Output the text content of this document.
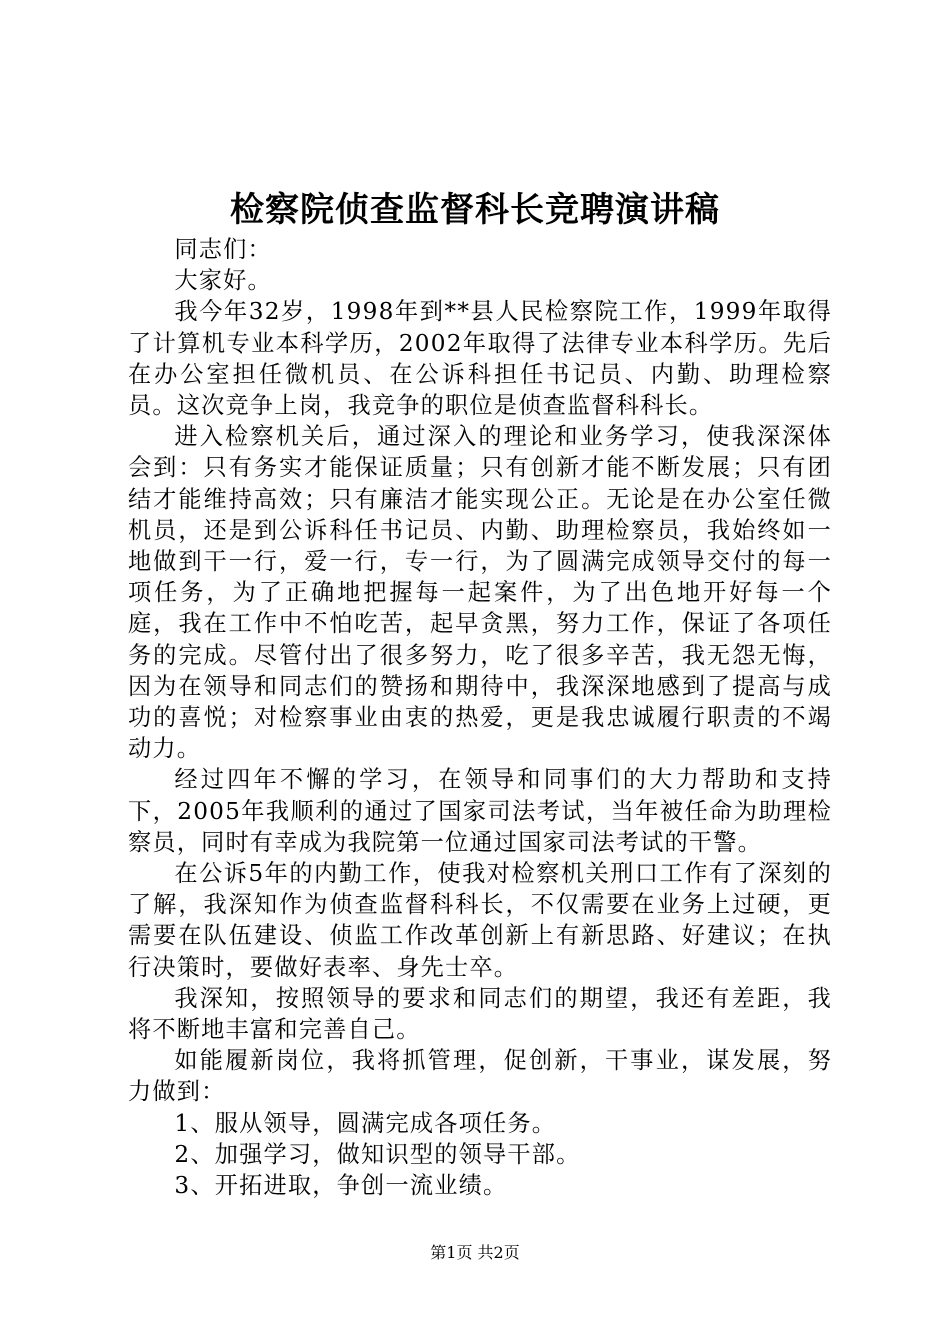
检察院侦查监督科长竞聘演讲稿

同志们：

大家好。

我今年32岁，1998年到**县人民检察院工作，1999年取得了计算机专业本科学历，2002年取得了法律专业本科学历。先后在办公室担任微机员、在公诉科担任书记员、内勤、助理检察员。这次竞争上岗，我竞争的职位是侦查监督科科长。

进入检察机关后，通过深入的理论和业务学习，使我深深体会到：只有务实才能保证质量；只有创新才能不断发展；只有团结才能维持高效；只有廉洁才能实现公正。无论是在办公室任微机员，还是到公诉科任书记员、内勤、助理检察员，我始终如一地做到干一行，爱一行，专一行，为了圆满完成领导交付的每一项任务，为了正确地把握每一起案件，为了出色地开好每一个庭，我在工作中不怕吃苦，起早贪黑，努力工作，保证了各项任务的完成。尽管付出了很多努力，吃了很多辛苦，我无怨无悔，因为在领导和同志们的赞扬和期待中，我深深地感到了提高与成功的喜悦；对检察事业由衷的热爱，更是我忠诚履行职责的不竭动力。

经过四年不懈的学习，在领导和同事们的大力帮助和支持下，2005年我顺利的通过了国家司法考试，当年被任命为助理检察员，同时有幸成为我院第一位通过国家司法考试的干警。

在公诉5年的内勤工作，使我对检察机关刑口工作有了深刻的了解，我深知作为侦查监督科科长，不仅需要在业务上过硬，更需要在队伍建设、侦监工作改革创新上有新思路、好建议；在执行决策时，要做好表率、身先士卒。

我深知，按照领导的要求和同志们的期望，我还有差距，我将不断地丰富和完善自己。

如能履新岗位，我将抓管理，促创新，干事业，谋发展，努力做到：

1、服从领导，圆满完成各项任务。

2、加强学习，做知识型的领导干部。

3、开拓进取，争创一流业绩。

第1页 共2页
